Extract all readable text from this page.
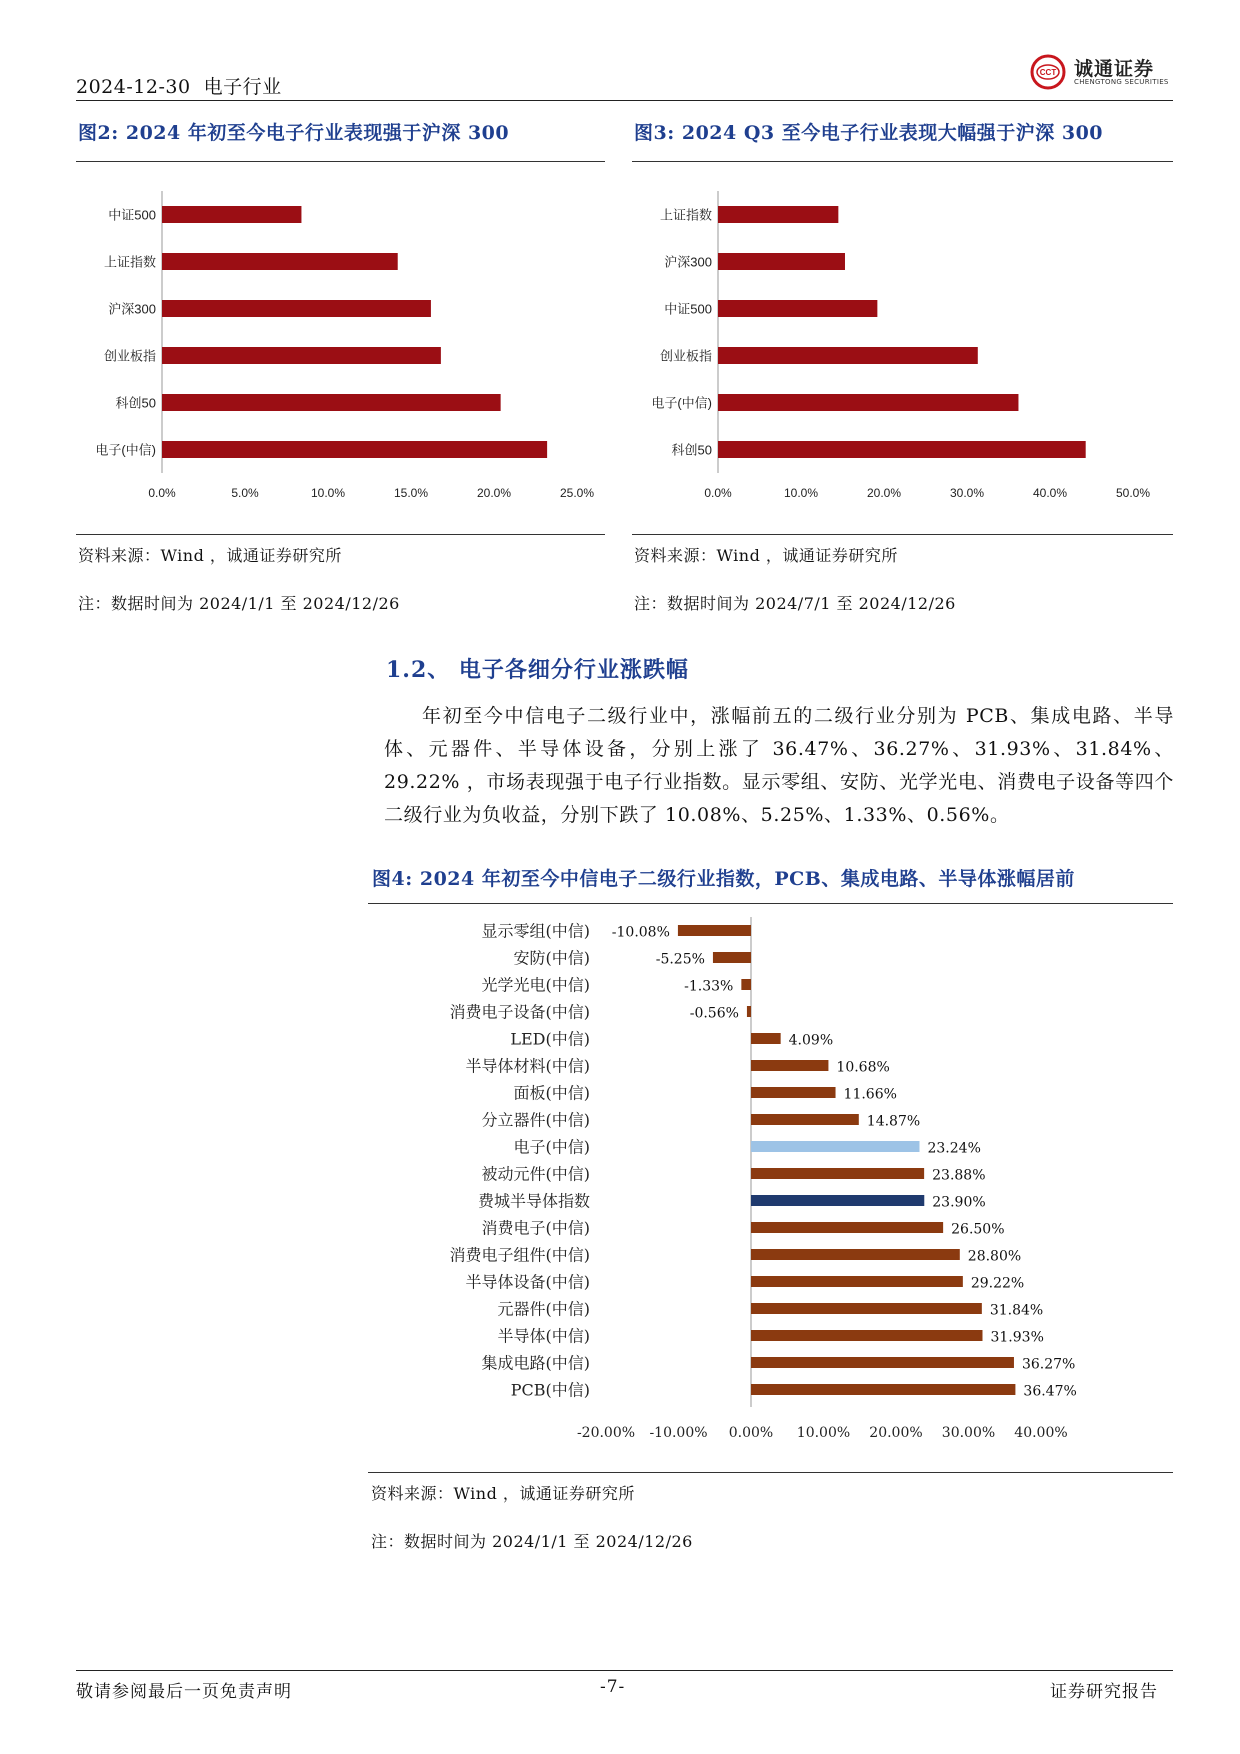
2024-12-30 电子行业
CCT 诚通证券
CHENGTONG SECURITIES
图2: 2024 年初至今电子行业表现强于沪深 300
中证500
上证指数
沪深300
创业板指
科创50
电子(中信)
0.0%	5.0%	10.0%	15.0%	20.0%	25.0%
资料来源：Wind ，诚通证券研究所
注：数据时间为 2024/1/1 至 2024/12/26
图3: 2024 Q3 至今电子行业表现大幅强于沪深 300
上证指数
沪深300
中证500
创业板指
电子(中信)
科创50
0.0%	10.0%	20.0%	30.0%	40.0%	50.0%
资料来源：Wind ，诚通证券研究所
注：数据时间为 2024/7/1 至 2024/12/26
1.2、 电子各细分行业涨跌幅

年初至今中信电子二级行业中，涨幅前五的二级行业分别为 PCB、集成电路、半导体、元器件、半导体设备，分别上涨了 36.47%、36.27%、31.93%、31.84%、29.22% ，市场表现强于电子行业指数。显示零组、安防、光学光电、消费电子设备等四个二级行业为负收益，分别下跌了 10.08%、5.25%、1.33%、0.56%。

图4: 2024 年初至今中信电子二级行业指数，PCB、集成电路、半导体涨幅居前
显示零组(中信) -10.08%
安防(中信)	-5.25%
光学光电(中信)	-1.33%
消费电子设备(中信)	-0.56%
LED(中信)	4.09%
半导体材料(中信)	10.68%
面板(中信)	11.66%
分立器件(中信)	14.87%
电子(中信)	23.24%
被动元件(中信)	23.88%
费城半导体指数	23.90%
消费电子(中信)	26.50%
消费电子组件(中信)	28.80%
半导体设备(中信)	29.22%
元器件(中信)	31.84%
半导体(中信)	31.93%
集成电路(中信)	36.27%
PCB(中信)	36.47%
-20.00% -10.00% 0.00% 10.00% 20.00% 30.00% 40.00%
资料来源：Wind ，诚通证券研究所
注：数据时间为 2024/1/1 至 2024/12/26
敬请参阅最后一页免责声明	-7-	证券研究报告
